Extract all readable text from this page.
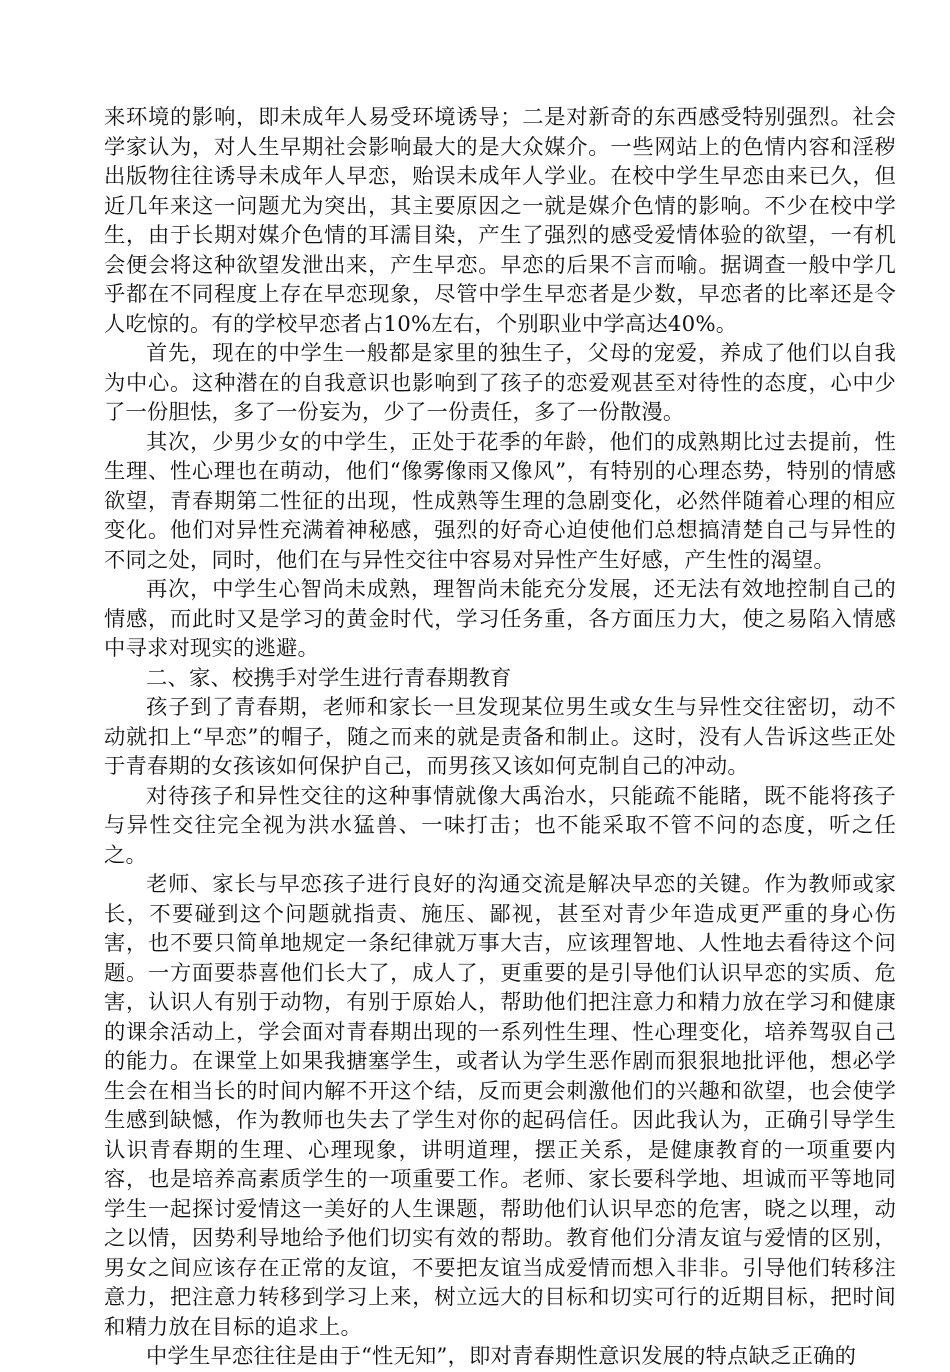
来环境的影响，即未成年人易受环境诱导；二是对新奇的东西感受特别强烈。社会学家认为，对人生早期社会影响最大的是大众媒介。一些网站上的色情内容和淫秽出版物往往诱导未成年人早恋，贻误未成年人学业。在校中学生早恋由来已久，但近几年来这一问题尤为突出，其主要原因之一就是媒介色情的影响。不少在校中学生，由于长期对媒介色情的耳濡目染，产生了强烈的感受爱情体验的欲望，一有机会便会将这种欲望发泄出来，产生早恋。早恋的后果不言而喻。据调查一般中学几乎都在不同程度上存在早恋现象，尽管中学生早恋者是少数，早恋者的比率还是令人吃惊的。有的学校早恋者占10%左右，个别职业中学高达40%。

首先，现在的中学生一般都是家里的独生子，父母的宠爱，养成了他们以自我为中心。这种潜在的自我意识也影响到了孩子的恋爱观甚至对待性的态度，心中少了一份胆怯，多了一份妄为，少了一份责任，多了一份散漫。

其次，少男少女的中学生，正处于花季的年龄，他们的成熟期比过去提前，性生理、性心理也在萌动，他们“像雾像雨又像风”，有特别的心理态势，特别的情感欲望，青春期第二性征的出现，性成熟等生理的急剧变化，必然伴随着心理的相应变化。他们对异性充满着神秘感，强烈的好奇心迫使他们总想搞清楚自己与异性的不同之处，同时，他们在与异性交往中容易对异性产生好感，产生性的渴望。

再次，中学生心智尚未成熟，理智尚未能充分发展，还无法有效地控制自己的情感，而此时又是学习的黄金时代，学习任务重，各方面压力大，使之易陷入情感中寻求对现实的逃避。

二、家、校携手对学生进行青春期教育

孩子到了青春期，老师和家长一旦发现某位男生或女生与异性交往密切，动不动就扣上“早恋”的帽子，随之而来的就是责备和制止。这时，没有人告诉这些正处于青春期的女孩该如何保护自己，而男孩又该如何克制自己的冲动。

对待孩子和异性交往的这种事情就像大禹治水，只能疏不能睹，既不能将孩子与异性交往完全视为洪水猛兽、一味打击；也不能采取不管不问的态度，听之任之。

老师、家长与早恋孩子进行良好的沟通交流是解决早恋的关键。作为教师或家长，不要碰到这个问题就指责、施压、鄙视，甚至对青少年造成更严重的身心伤害，也不要只简单地规定一条纪律就万事大吉，应该理智地、人性地去看待这个问题。一方面要恭喜他们长大了，成人了，更重要的是引导他们认识早恋的实质、危害，认识人有别于动物，有别于原始人，帮助他们把注意力和精力放在学习和健康的课余活动上，学会面对青春期出现的一系列性生理、性心理变化，培养驾驭自己的能力。在课堂上如果我搪塞学生，或者认为学生恶作剧而狠狠地批评他，想必学生会在相当长的时间内解不开这个结，反而更会刺激他们的兴趣和欲望，也会使学生感到缺憾，作为教师也失去了学生对你的起码信任。因此我认为，正确引导学生认识青春期的生理、心理现象，讲明道理，摆正关系，是健康教育的一项重要内容，也是培养高素质学生的一项重要工作。老师、家长要科学地、坦诚而平等地同学生一起探讨爱情这一美好的人生课题，帮助他们认识早恋的危害，晓之以理，动之以情，因势利导地给予他们切实有效的帮助。教育他们分清友谊与爱情的区别，男女之间应该存在正常的友谊，不要把友谊当成爱情而想入非非。引导他们转移注意力，把注意力转移到学习上来，树立远大的目标和切实可行的近期目标，把时间和精力放在目标的追求上。

中学生早恋往往是由于“性无知”，即对青春期性意识发展的特点缺乏正确的
